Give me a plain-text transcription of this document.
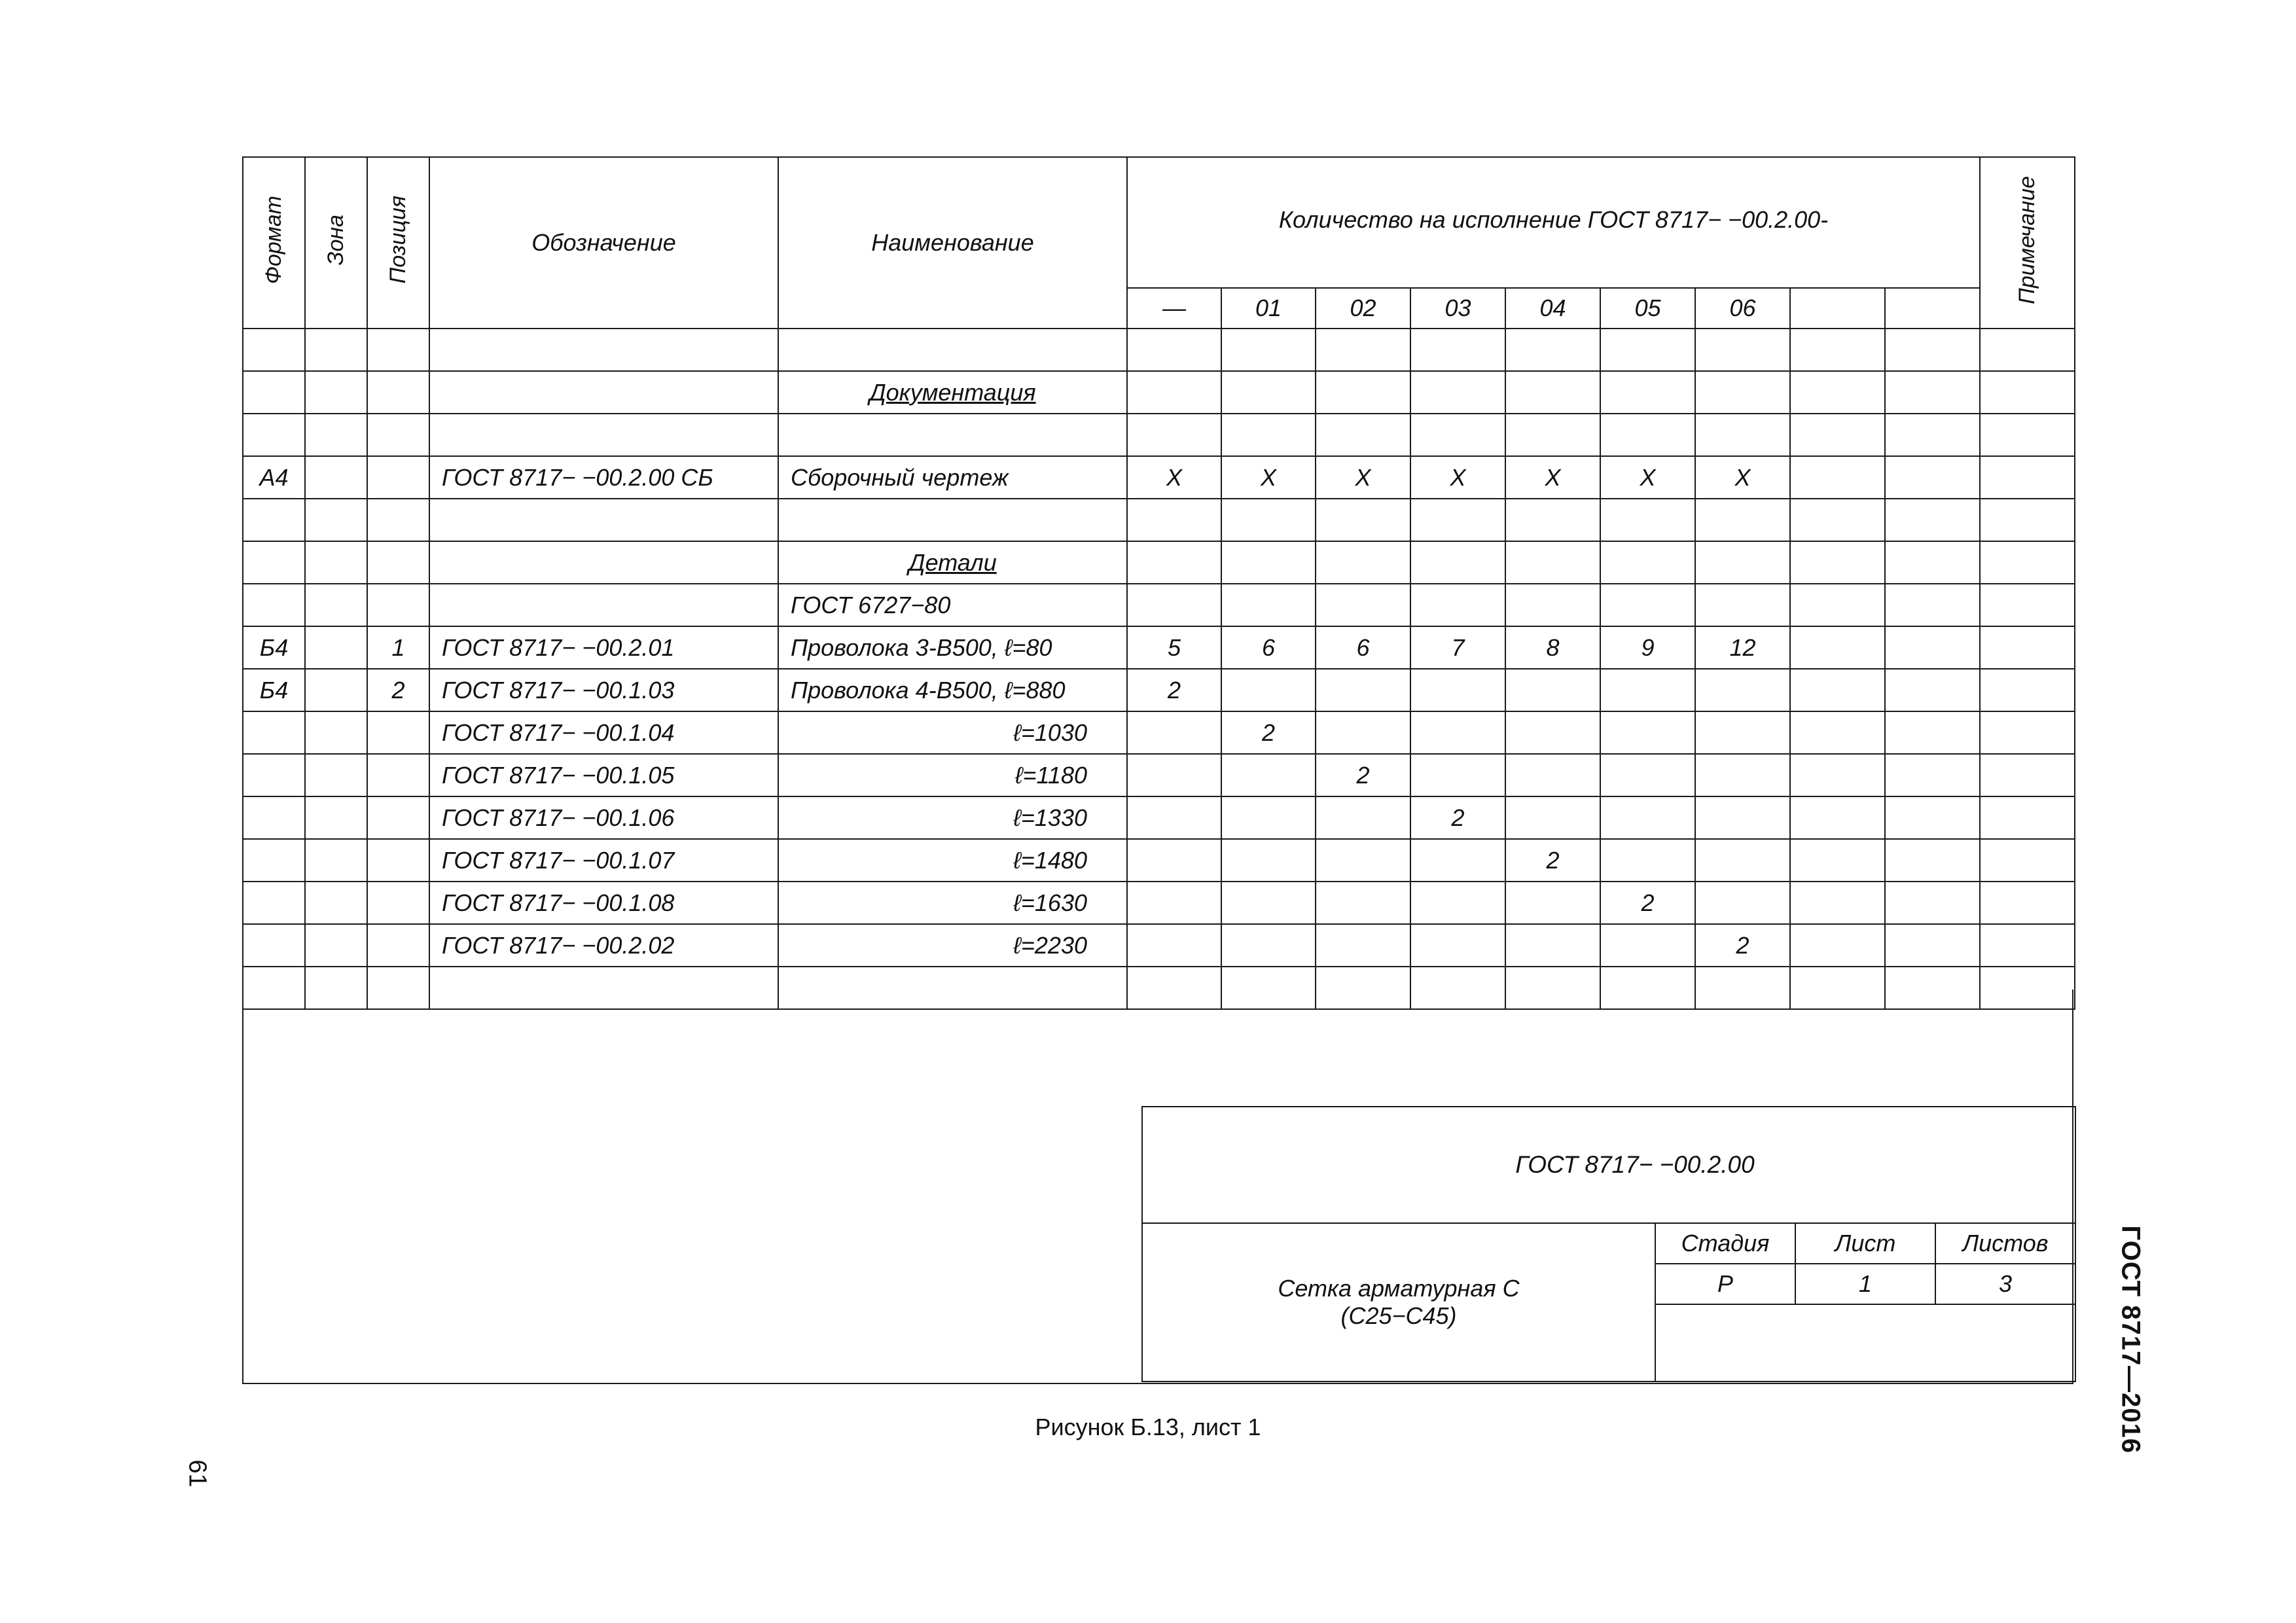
Формат	Зона	Позиция	Обозначение	Наименование	Количество на исполнение ГОСТ 8717− −00.2.00-									Примечание
					—	01	02	03	04	05	06			

				Документация										

А4			ГОСТ 8717− −00.2.00 СБ	Сборочный чертеж	Х	Х	Х	Х	Х	Х	Х			

				Детали										
				ГОСТ 6727−80										
Б4		1	ГОСТ 8717− −00.2.01	Проволока 3-В500, ℓ=80	5	6	6	7	8	9	12			
Б4		2	ГОСТ 8717− −00.1.03	Проволока 4-В500, ℓ=880	2									
			ГОСТ 8717− −00.1.04	ℓ=1030		2								
			ГОСТ 8717− −00.1.05	ℓ=1180			2							
			ГОСТ 8717− −00.1.06	ℓ=1330				2						
			ГОСТ 8717− −00.1.07	ℓ=1480					2					
			ГОСТ 8717− −00.1.08	ℓ=1630						2				
			ГОСТ 8717− −00.2.02	ℓ=2230							2			

ГОСТ 8717− −00.2.00			
Сетка арматурная С
(С25−С45)	Стадия	Лист	Листов
	Р	1	3

Рисунок Б.13, лист 1	ГОСТ 8717—2016
61
